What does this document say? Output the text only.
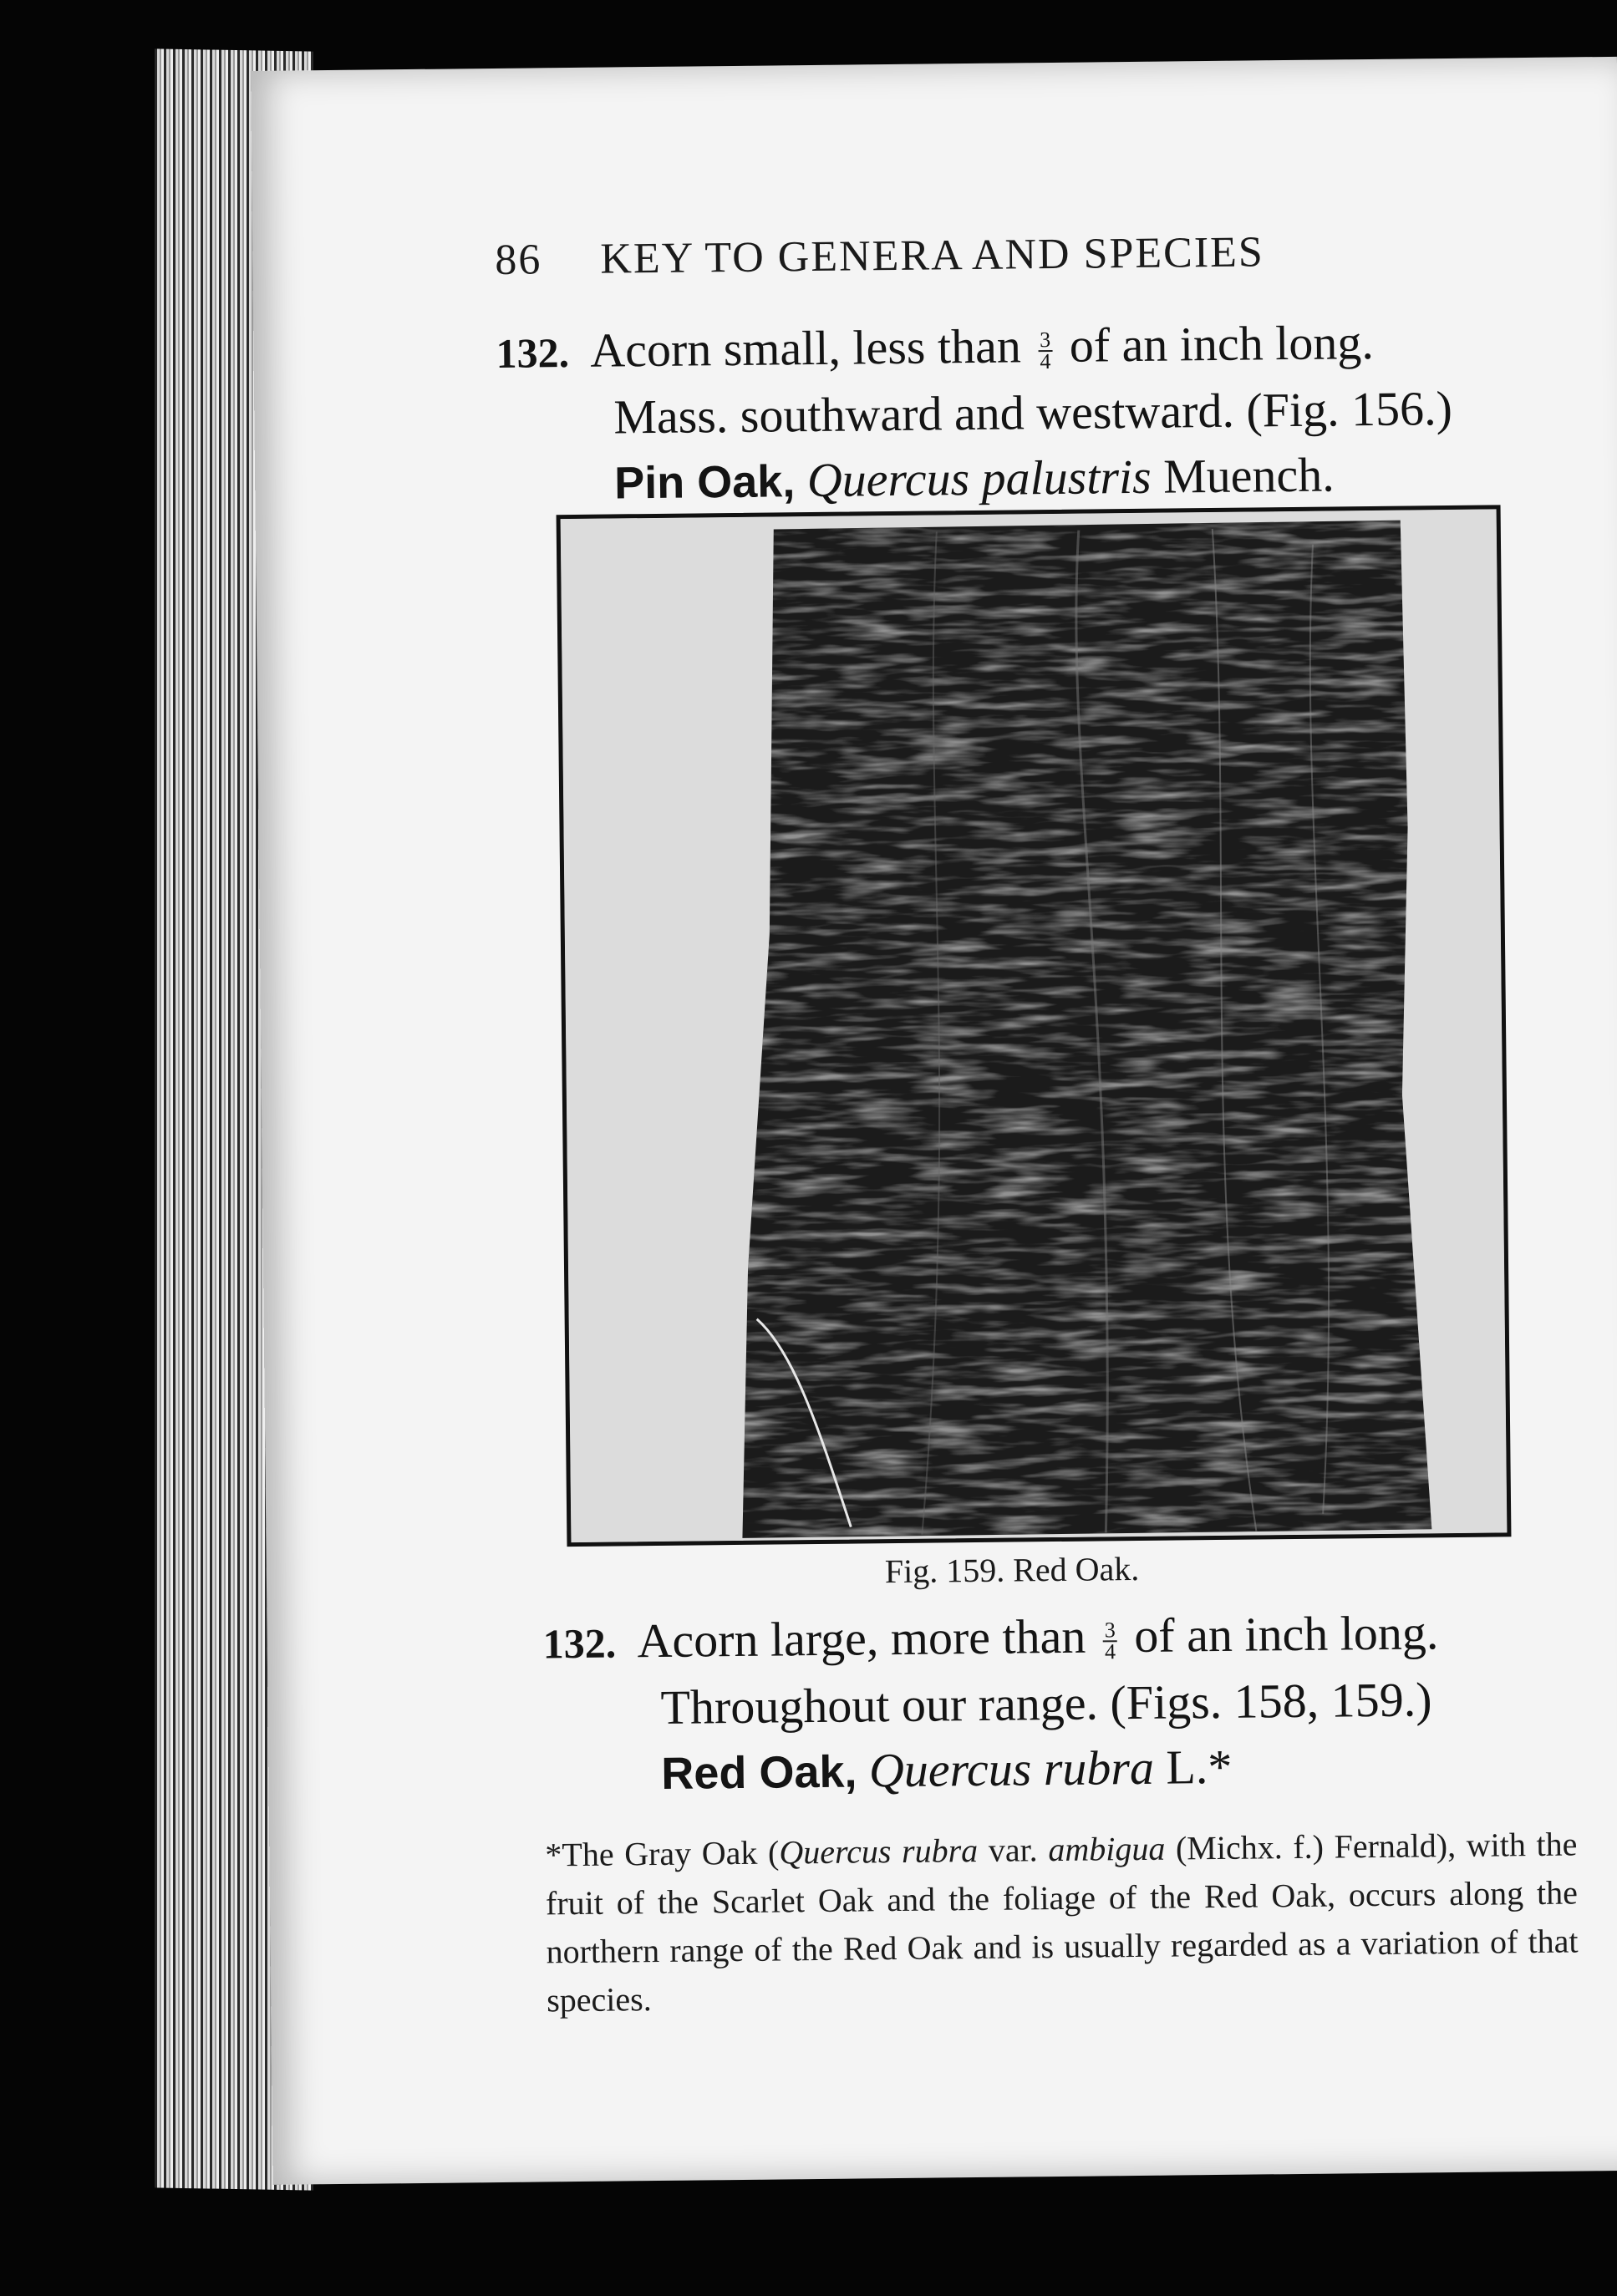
86 KEY TO GENERA AND SPECIES
132. Acorn small, less than $\frac{3}{4}$ of an inch long.
Mass. southward and westward. (Fig. 156.)
Pin Oak, Quercus palustris Muench.
Fig. 159. Red Oak.
132. Acorn large, more than $\frac{3}{4}$ of an inch long.
Throughout our range. (Figs. 158, 159.)
Red Oak, Quercus rubra L.*
*The Gray Oak (Quercus rubra var. ambigua (Michx. f.) Fernald), with the fruit of the Scarlet Oak and the foliage of the Red Oak, occurs along the northern range of the Red Oak and is usually regarded as a variation of that species.
